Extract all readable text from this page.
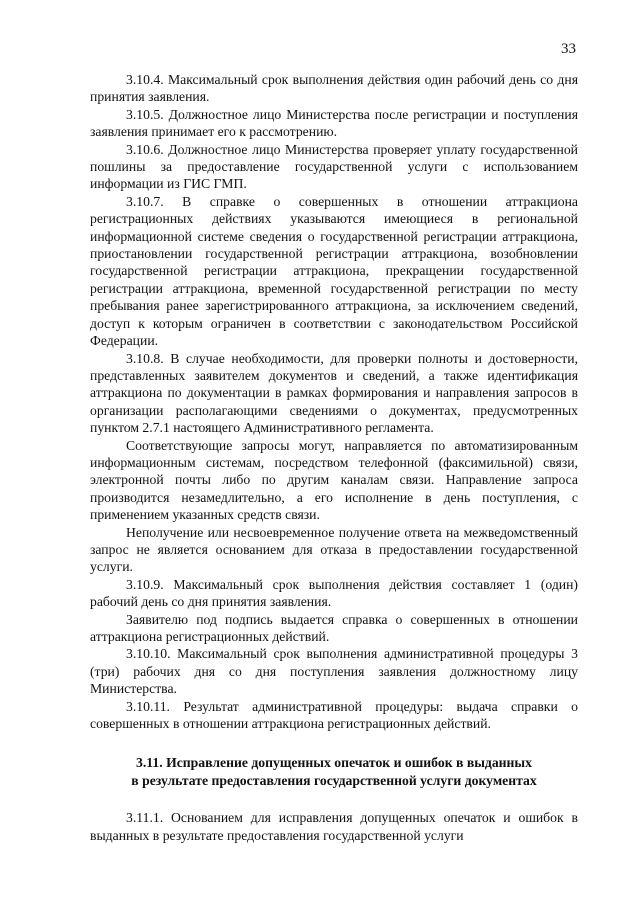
33

3.10.4. Максимальный срок выполнения действия один рабочий день со дня принятия заявления.

3.10.5. Должностное лицо Министерства после регистрации и поступления заявления принимает его к рассмотрению.

3.10.6. Должностное лицо Министерства проверяет уплату государственной пошлины за предоставление государственной услуги с использованием информации из ГИС ГМП.

3.10.7. В справке о совершенных в отношении аттракциона регистрационных действиях указываются имеющиеся в региональной информационной системе сведения о государственной регистрации аттракциона, приостановлении государственной регистрации аттракциона, возобновлении государственной регистрации аттракциона, прекращении государственной регистрации аттракциона, временной государственной регистрации по месту пребывания ранее зарегистрированного аттракциона, за исключением сведений, доступ к которым ограничен в соответствии с законодательством Российской Федерации.

3.10.8. В случае необходимости, для проверки полноты и достоверности, представленных заявителем документов и сведений, а также идентификация аттракциона по документации в рамках формирования и направления запросов в организации располагающими сведениями о документах, предусмотренных пунктом 2.7.1 настоящего Административного регламента.

Соответствующие запросы могут, направляется по автоматизированным информационным системам, посредством телефонной (факсимильной) связи, электронной почты либо по другим каналам связи. Направление запроса производится незамедлительно, а его исполнение в день поступления, с применением указанных средств связи.

Неполучение или несвоевременное получение ответа на межведомственный запрос не является основанием для отказа в предоставлении государственной услуги.

3.10.9. Максимальный срок выполнения действия составляет 1 (один) рабочий день со дня принятия заявления.

Заявителю под подпись выдается справка о совершенных в отношении аттракциона регистрационных действий.

3.10.10. Максимальный срок выполнения административной процедуры 3 (три) рабочих дня со дня поступления заявления должностному лицу Министерства.

3.10.11. Результат административной процедуры: выдача справки о совершенных в отношении аттракциона регистрационных действий.

3.11. Исправление допущенных опечаток и ошибок в выданных
в результате предоставления государственной услуги документах

3.11.1. Основанием для исправления допущенных опечаток и ошибок в выданных в результате предоставления государственной услуги
